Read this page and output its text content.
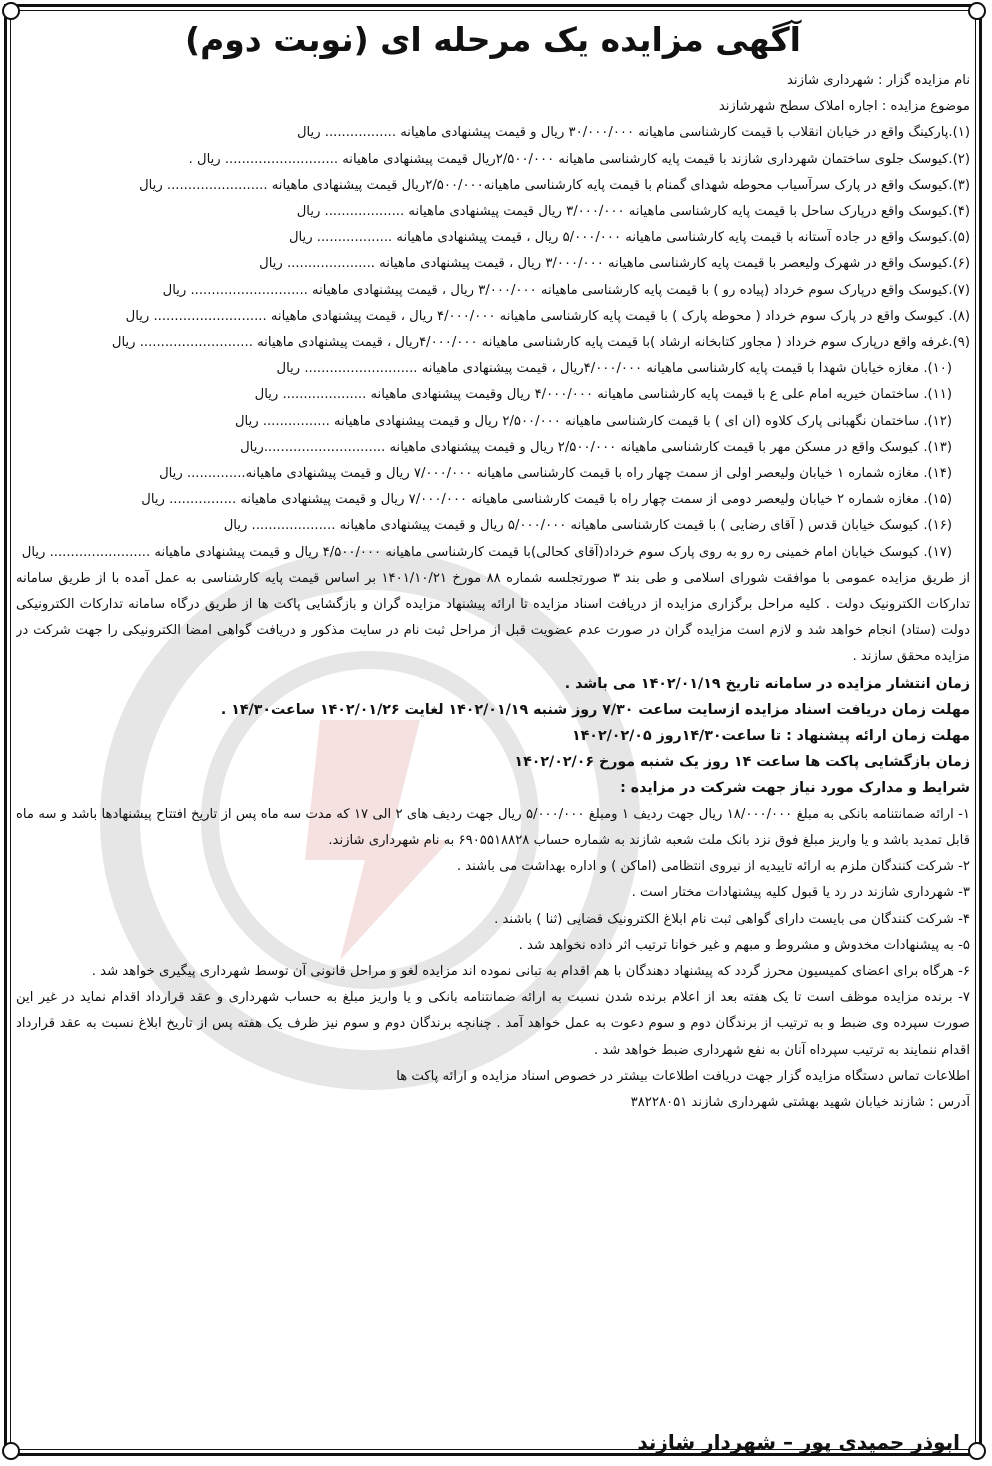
آگهی مزایده یک مرحله ای (نوبت دوم)

نام مزایده گزار : شهرداری شازند

موضوع مزایده : اجاره املاک سطح شهرشازند

(۱).پارکینگ واقع در خیابان انقلاب با قیمت کارشناسی ماهیانه ۳۰/۰۰۰/۰۰۰ ریال و قیمت پیشنهادی ماهیانه ................. ریال

(۲).کیوسک جلوی ساختمان شهرداری شازند با قیمت پایه کارشناسی ماهیانه ۲/۵۰۰/۰۰۰ریال قیمت پیشنهادی ماهیانه ........................... ریال .

(۳).کیوسک واقع در پارک سرآسیاب محوطه شهدای گمنام با قیمت پایه کارشناسی ماهیانه۲/۵۰۰/۰۰۰ریال قیمت پیشنهادی ماهیانه ........................ ریال

(۴).کیوسک واقع درپارک ساحل با قیمت پایه کارشناسی ماهیانه ۳/۰۰۰/۰۰۰ ریال قیمت پیشنهادی ماهیانه ................... ریال

(۵).کیوسک واقع در جاده آستانه با قیمت پایه کارشناسی ماهیانه ۵/۰۰۰/۰۰۰ ریال ، قیمت پیشنهادی ماهیانه .................. ریال

(۶).کیوسک واقع در شهرک ولیعصر با قیمت پایه کارشناسی ماهیانه ۳/۰۰۰/۰۰۰ ریال ، قیمت پیشنهادی ماهیانه ..................... ریال

(۷).کیوسک واقع درپارک سوم خرداد (پیاده رو ) با قیمت پایه کارشناسی ماهیانه ۳/۰۰۰/۰۰۰ ریال ، قیمت پیشنهادی ماهیانه ............................ ریال

(۸). کیوسک واقع در پارک سوم خرداد ( محوطه پارک ) با قیمت پایه کارشناسی ماهیانه ۴/۰۰۰/۰۰۰ ریال ، قیمت پیشنهادی ماهیانه ........................... ریال

(۹).غرفه واقع درپارک سوم خرداد ( مجاور کتابخانه ارشاد )با قیمت پایه کارشناسی ماهیانه ۴/۰۰۰/۰۰۰ریال ، قیمت پیشنهادی ماهیانه ........................... ریال

(۱۰). مغازه خیابان شهدا با قیمت پایه کارشناسی ماهیانه ۴/۰۰۰/۰۰۰ریال ، قیمت پیشنهادی ماهیانه ........................... ریال

(۱۱). ساختمان خیریه امام علی ع با قیمت پایه کارشناسی ماهیانه ۴/۰۰۰/۰۰۰ ریال وقیمت پیشنهادی ماهیانه .................... ریال

(۱۲). ساختمان نگهبانی پارک کلاوه (ان ای ) با قیمت کارشناسی ماهیانه ۲/۵۰۰/۰۰۰ ریال و قیمت پیشنهادی ماهیانه ................ ریال

(۱۳). کیوسک واقع در مسکن مهر با قیمت کارشناسی ماهیانه ۲/۵۰۰/۰۰۰ ریال و قیمت پیشنهادی ماهیانه .............................ریال

(۱۴). مغازه شماره ۱ خیابان ولیعصر اولی از سمت چهار راه با قیمت کارشناسی ماهیانه ۷/۰۰۰/۰۰۰ ریال و قیمت پیشنهادی ماهیانه.............. ریال

(۱۵). مغازه شماره ۲ خیابان ولیعصر دومی از سمت چهار راه با قیمت کارشناسی ماهیانه ۷/۰۰۰/۰۰۰ ریال و قیمت پیشنهادی ماهیانه ................ ریال

(۱۶). کیوسک خیابان قدس ( آقای رضایی ) با قیمت کارشناسی ماهیانه ۵/۰۰۰/۰۰۰ ریال و قیمت پیشنهادی ماهیانه .................... ریال

(۱۷). کیوسک خیابان امام خمینی ره رو به روی پارک سوم خرداد(آقای کحالی)با قیمت کارشناسی ماهیانه ۴/۵۰۰/۰۰۰ ریال و قیمت پیشنهادی ماهیانه ........................ ریال

از طریق مزایده عمومی با موافقت شورای اسلامی و طی بند ۳ صورتجلسه شماره ۸۸ مورخ ۱۴۰۱/۱۰/۲۱ بر اساس قیمت پایه کارشناسی به عمل آمده با از طریق سامانه تدارکات الکترونیک دولت . کلیه مراحل برگزاری مزایده از دریافت اسناد مزایده تا ارائه پیشنهاد مزایده گران و بازگشایی پاکت ها از طریق درگاه سامانه تدارکات الکترونیکی دولت (ستاد) انجام خواهد شد و لازم است مزایده گران در صورت عدم عضویت قبل از مراحل ثبت نام در سایت مذکور و دریافت گواهی امضا الکترونیکی را جهت شرکت در مزایده محقق سازند .

زمان انتشار مزایده در سامانه تاریخ ۱۴۰۲/۰۱/۱۹ می باشد .

مهلت زمان دریافت اسناد مزایده ازسایت ساعت ۷/۳۰ روز شنبه ۱۴۰۲/۰۱/۱۹ لغایت ۱۴۰۲/۰۱/۲۶ ساعت۱۴/۳۰ .

مهلت زمان ارائه پیشنهاد : تا ساعت۱۴/۳۰روز ۱۴۰۲/۰۲/۰۵

زمان بازگشایی پاکت ها ساعت ۱۴ روز یک شنبه مورخ ۱۴۰۲/۰۲/۰۶

شرایط و مدارک مورد نیاز جهت شرکت در مزایده :

۱- ارائه ضمانتنامه بانکی به مبلغ ۱۸/۰۰۰/۰۰۰ ریال جهت ردیف ۱ ومبلغ ۵/۰۰۰/۰۰۰ ریال جهت ردیف های ۲ الی ۱۷ که مدت سه ماه پس از تاریخ افتتاح پیشنهادها باشد و سه ماه قابل تمدید باشد و یا واریز مبلغ فوق نزد بانک ملت شعبه شازند به شماره حساب ۶۹۰۵۵۱۸۸۲۸ به نام شهرداری شازند.

۲- شرکت کنندگان ملزم به ارائه تاییدیه از نیروی انتظامی (اماکن ) و اداره بهداشت می باشند .

۳- شهرداری شازند در رد یا قبول کلیه پیشنهادات مختار است .

۴- شرکت کنندگان می بایست دارای گواهی ثبت نام ابلاغ الکترونیک قضایی (ثنا ) باشند .

۵- به پیشنهادات مخدوش و مشروط و مبهم و غیر خوانا ترتیب اثر داده نخواهد شد .

۶- هرگاه برای اعضای کمیسیون محرز گردد که پیشنهاد دهندگان با هم اقدام به تبانی نموده اند مزایده لغو و مراحل قانونی آن توسط شهرداری پیگیری خواهد شد .

۷- برنده مزایده موظف است تا یک هفته بعد از اعلام برنده شدن نسبت به ارائه ضمانتنامه بانکی و یا واریز مبلغ به حساب شهرداری و عقد قرارداد اقدام نماید در غیر این صورت سپرده وی ضبط و به ترتیب از برندگان دوم و سوم دعوت به عمل خواهد آمد . چنانچه برندگان دوم و سوم نیز ظرف یک هفته پس از تاریخ ابلاغ نسبت به عقد قرارداد اقدام ننمایند به ترتیب سپرداه آنان به نفع شهرداری ضبط خواهد شد .

اطلاعات تماس دستگاه مزایده گزار جهت دریافت اطلاعات بیشتر در خصوص اسناد مزایده و ارائه پاکت ها

آدرس : شازند خیابان شهید بهشتی شهرداری شازند ۳۸۲۲۸۰۵۱

ابوذر حمیدی پور – شهردار شازند
